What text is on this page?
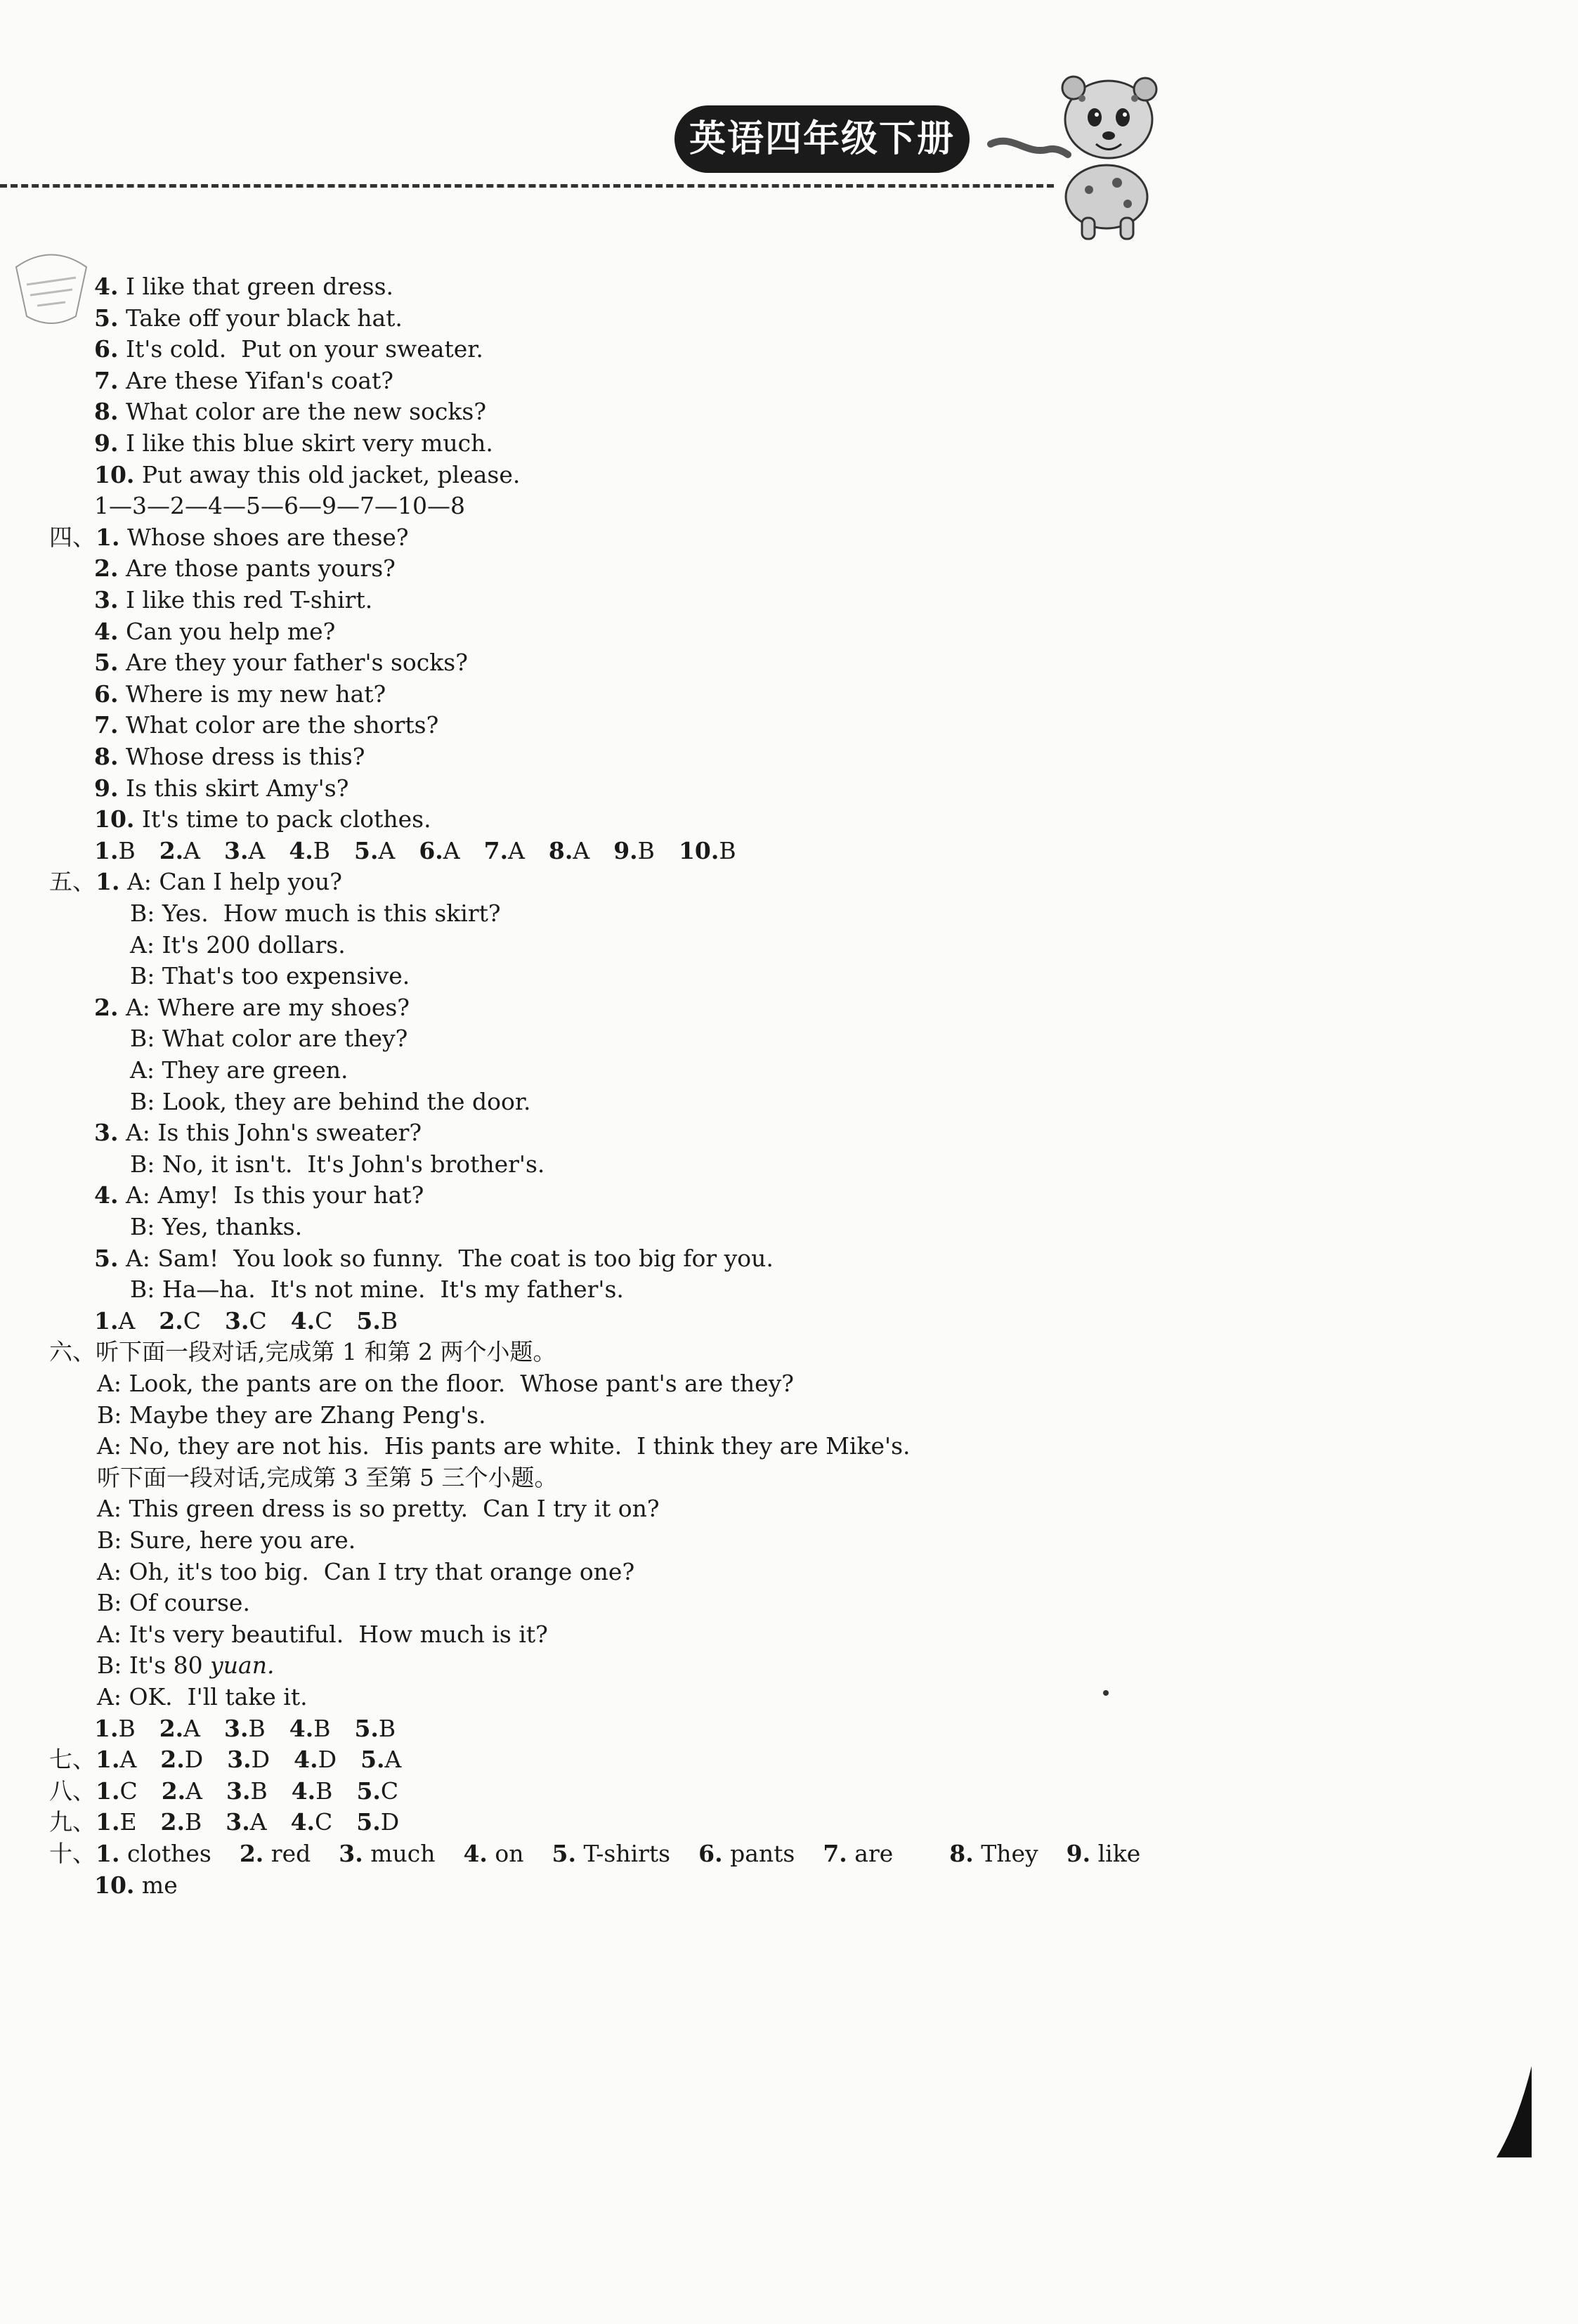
英语四年级下册
4. I like that green dress.
5. Take off your black hat.
6. It's cold.  Put on your sweater.
7. Are these Yifan's coat?
8. What color are the new socks?
9. I like this blue skirt very much.
10. Put away this old jacket, please.
1—3—2—4—5—6—9—7—10—8
四、1. Whose shoes are these?
2. Are those pants yours?
3. I like this red T-shirt.
4. Can you help me?
5. Are they your father's socks?
6. Where is my new hat?
7. What color are the shorts?
8. Whose dress is this?
9. Is this skirt Amy's?
10. It's time to pack clothes.
1.B 2.A 3.A 4.B 5.A 6.A 7.A 8.A 9.B 10.B
五、1. A: Can I help you?
B: Yes.  How much is this skirt?
A: It's 200 dollars.
B: That's too expensive.
2. A: Where are my shoes?
B: What color are they?
A: They are green.
B: Look, they are behind the door.
3. A: Is this John's sweater?
B: No, it isn't.  It's John's brother's.
4. A: Amy!  Is this your hat?
B: Yes, thanks.
5. A: Sam!  You look so funny.  The coat is too big for you.
B: Ha—ha.  It's not mine.  It's my father's.
1.A 2.C 3.C 4.C 5.B
六、听下面一段对话,完成第 1 和第 2 两个小题。
A: Look, the pants are on the floor.  Whose pant's are they?
B: Maybe they are Zhang Peng's.
A: No, they are not his.  His pants are white.  I think they are Mike's.
听下面一段对话,完成第 3 至第 5 三个小题。
A: This green dress is so pretty.  Can I try it on?
B: Sure, here you are.
A: Oh, it's too big.  Can I try that orange one?
B: Of course.
A: It's very beautiful.  How much is it?
B: It's 80 yuan.
A: OK.  I'll take it.
1.B 2.A 3.B 4.B 5.B
七、1.A 2.D 3.D 4.D 5.A
八、1.C 2.A 3.B 4.B 5.C
九、1.E 2.B 3.A 4.C 5.D
十、1. clothes 2. red 3. much 4. on 5. T-shirts 6. pants 7. are 8. They 9. like
10. me
